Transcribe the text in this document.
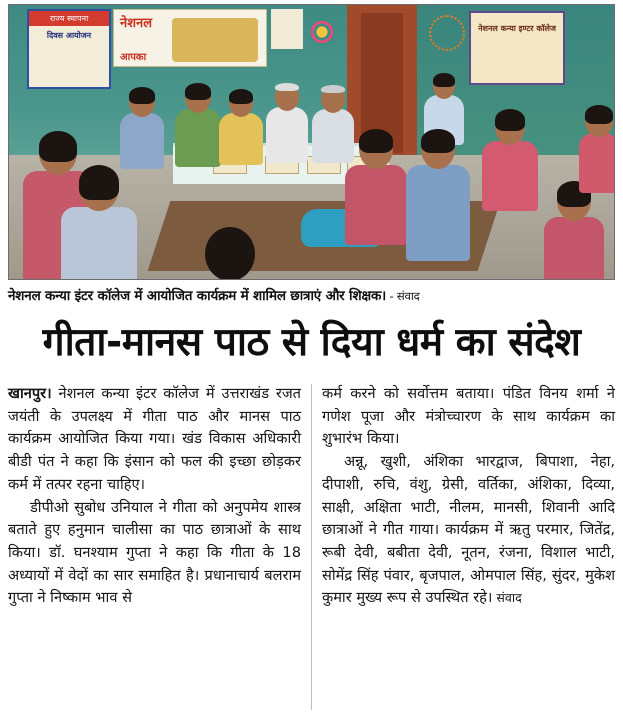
राज्य स्थापना
दिवस आयोजन
नेशनल
आपका
नेशनल कन्या इण्टर कॉलेज
नेशनल कन्या इंटर कॉलेज में आयोजित कार्यक्रम में शामिल छात्राएं और शिक्षक। - संवाद
गीता-मानस पाठ से दिया धर्म का संदेश

खानपुर। नेशनल कन्या इंटर कॉलेज में उत्तराखंड रजत जयंती के उपलक्ष्य में गीता पाठ और मानस पाठ कार्यक्रम आयोजित किया गया। खंड विकास अधिकारी बीडी पंत ने कहा कि इंसान को फल की इच्छा छोड़कर कर्म में तत्पर रहना चाहिए।

डीपीओ सुबोध उनियाल ने गीता को अनुपमेय शास्त्र बताते हुए हनुमान चालीसा का पाठ छात्राओं के साथ किया। डॉ. घनश्याम गुप्ता ने कहा कि गीता के 18 अध्यायों में वेदों का सार समाहित है। प्रधानाचार्य बलराम गुप्ता ने निष्काम भाव से

कर्म करने को सर्वोत्तम बताया। पंडित विनय शर्मा ने गणेश पूजा और मंत्रोच्चारण के साथ कार्यक्रम का शुभारंभ किया।

अन्नू, खुशी, अंशिका भारद्वाज, बिपाशा, नेहा, दीपाशी, रुचि, वंशु, ग्रेसी, वर्तिका, अंशिका, दिव्या, साक्षी, अक्षिता भाटी, नीलम, मानसी, शिवानी आदि छात्राओं ने गीत गाया। कार्यक्रम में ऋतु परमार, जितेंद्र, रूबी देवी, बबीता देवी, नूतन, रंजना, विशाल भाटी, सोमेंद्र सिंह पंवार, बृजपाल, ओमपाल सिंह, सुंदर, मुकेश कुमार मुख्य रूप से उपस्थित रहे। संवाद
